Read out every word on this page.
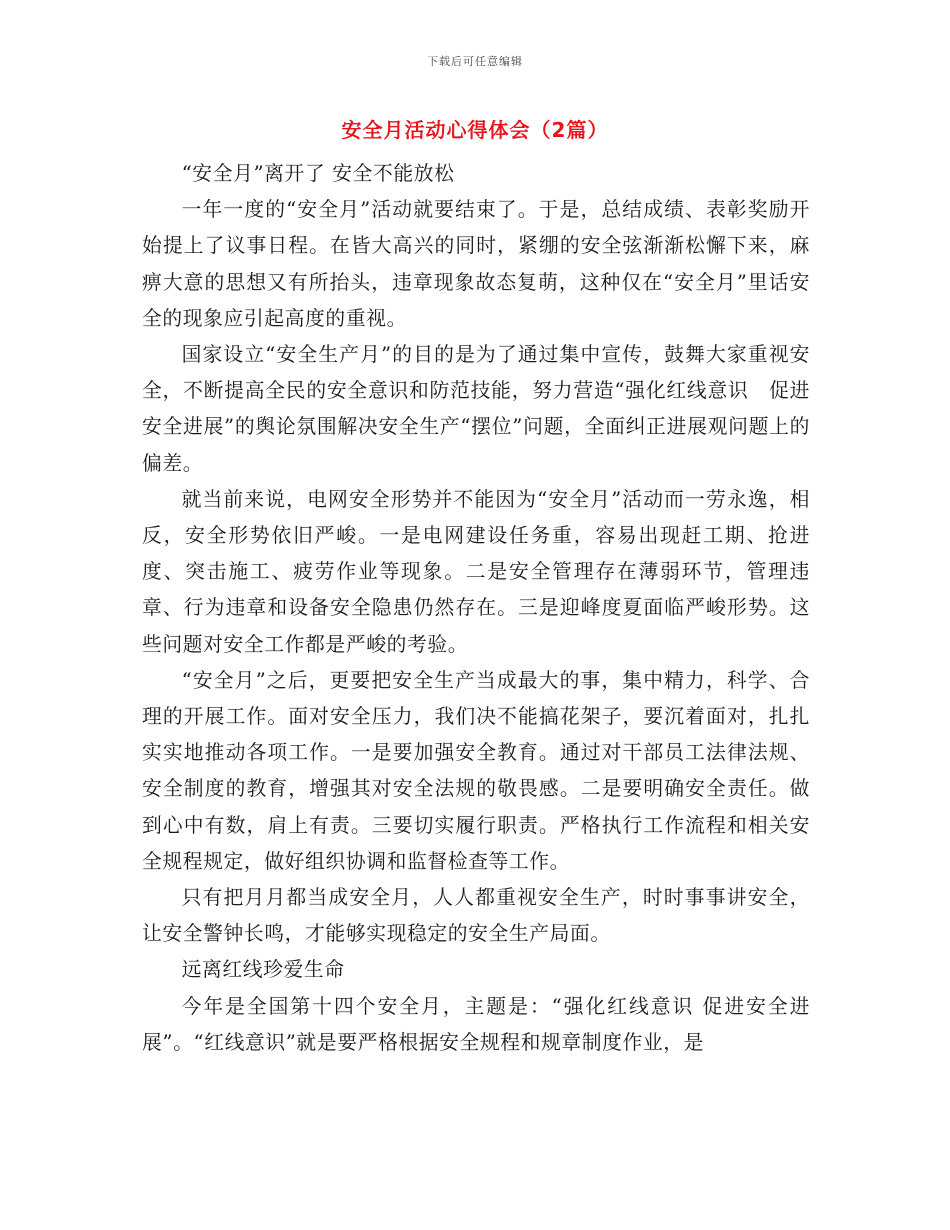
下载后可任意编辑
安全月活动心得体会（2篇）

“安全月”离开了 安全不能放松

一年一度的“安全月”活动就要结束了。于是，总结成绩、表彰奖励开始提上了议事日程。在皆大高兴的同时，紧绷的安全弦渐渐松懈下来，麻痹大意的思想又有所抬头，违章现象故态复萌，这种仅在“安全月”里话安全的现象应引起高度的重视。

国家设立“安全生产月”的目的是为了通过集中宣传，鼓舞大家重视安全，不断提高全民的安全意识和防范技能，努力营造“强化红线意识　促进安全进展”的舆论氛围解决安全生产“摆位”问题，全面纠正进展观问题上的偏差。

就当前来说，电网安全形势并不能因为“安全月”活动而一劳永逸，相反，安全形势依旧严峻。一是电网建设任务重，容易出现赶工期、抢进度、突击施工、疲劳作业等现象。二是安全管理存在薄弱环节，管理违章、行为违章和设备安全隐患仍然存在。三是迎峰度夏面临严峻形势。这些问题对安全工作都是严峻的考验。

“安全月”之后，更要把安全生产当成最大的事，集中精力，科学、合理的开展工作。面对安全压力，我们决不能搞花架子，要沉着面对，扎扎实实地推动各项工作。一是要加强安全教育。通过对干部员工法律法规、安全制度的教育，增强其对安全法规的敬畏感。二是要明确安全责任。做到心中有数，肩上有责。三要切实履行职责。严格执行工作流程和相关安全规程规定，做好组织协调和监督检查等工作。

只有把月月都当成安全月，人人都重视安全生产，时时事事讲安全，让安全警钟长鸣，才能够实现稳定的安全生产局面。

远离红线珍爱生命

今年是全国第十四个安全月，主题是：“强化红线意识 促进安全进展”。“红线意识”就是要严格根据安全规程和规章制度作业，是
